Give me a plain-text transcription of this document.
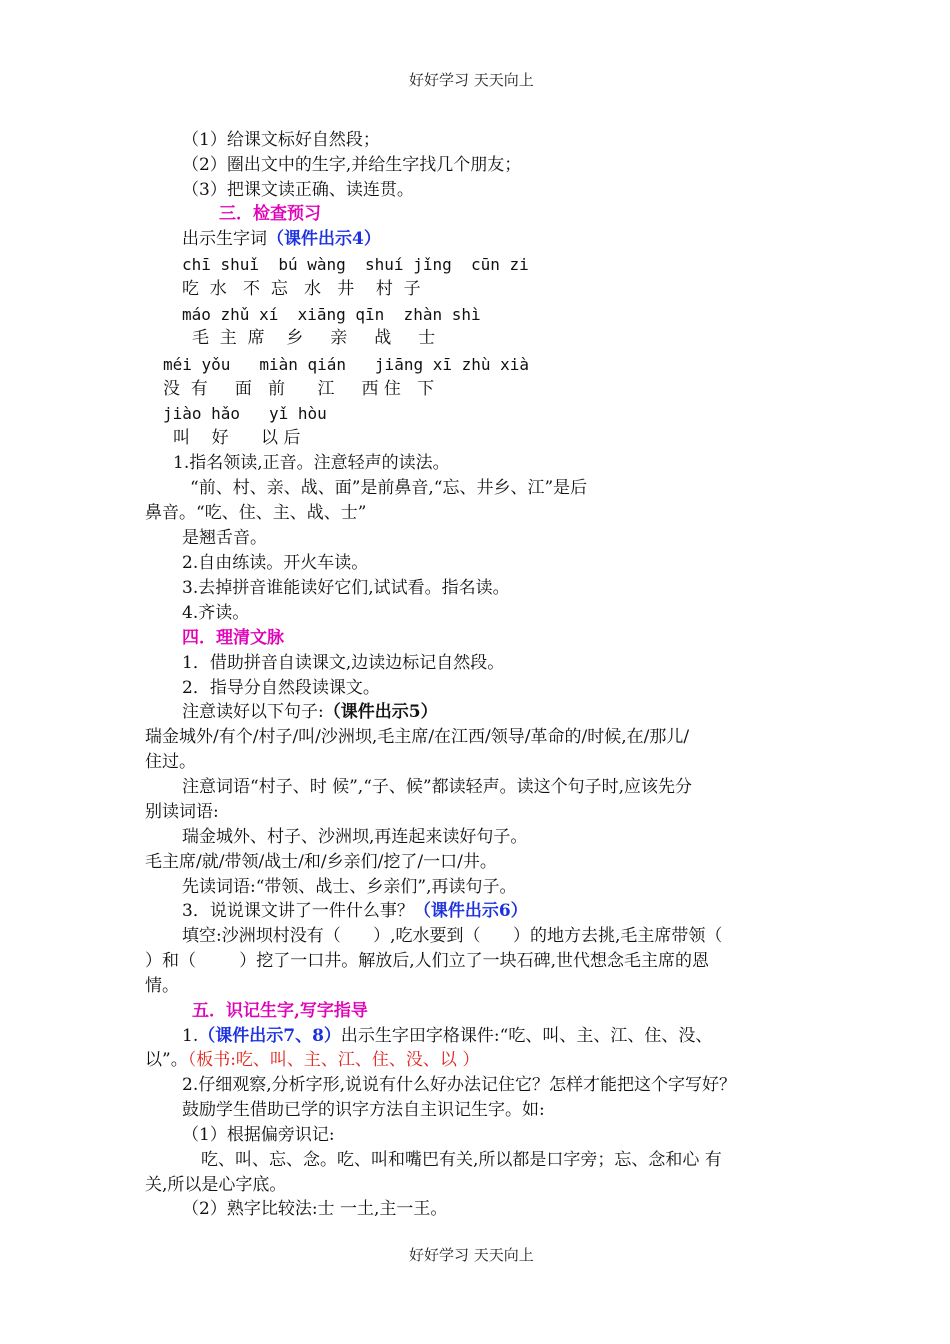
好好学习 天天向上
（1）给课文标好自然段；
（2）圈出文中的生字,并给生字找几个朋友；
（3）把课文读正确、读连贯。
三．检查预习
出示生字词（课件出示4）
chī shuǐ  bú wàng  shuí jǐng  cūn zi
吃  水   不  忘   水   井    村  子
máo zhǔ xí  xiāng qīn  zhàn shì
毛  主  席    乡     亲     战     士
méi yǒu   miàn qián   jiāng xī zhù xià
没  有     面   前      江     西 住   下
jiào hǎo   yǐ hòu
叫    好      以 后
1.指名领读,正音。注意轻声的读法。
“前、村、亲、战、面”是前鼻音,“忘、井乡、江”是后
鼻音。“吃、住、主、战、士”
是翘舌音。
2.自由练读。开火车读。
3.去掉拼音谁能读好它们,试试看。指名读。
4.齐读。
四．理清文脉
1．借助拼音自读课文,边读边标记自然段。
2．指导分自然段读课文。
注意读好以下句子:（课件出示5）
瑞金城外/有个/村子/叫/沙洲坝,毛主席/在江西/领导/革命的/时候,在/那儿/
住过。
注意词语“村子、时 候”,“子、候”都读轻声。读这个句子时,应该先分
别读词语:
瑞金城外、村子、沙洲坝,再连起来读好句子。
毛主席/就/带领/战士/和/乡亲们/挖了/一口/井。
先读词语:“带领、战士、乡亲们”,再读句子。
3．说说课文讲了一件什么事？（课件出示6）
填空:沙洲坝村没有（      ）,吃水要到（      ）的地方去挑,毛主席带领（
）和（        ）挖了一口井。解放后,人们立了一块石碑,世代想念毛主席的恩
情。
五．识记生字,写字指导
1.（课件出示7、8）出示生字田字格课件:“吃、叫、主、江、住、没、
以”。（板书:吃、叫、主、江、住、没、以 ）
2.仔细观察,分析字形,说说有什么好办法记住它？怎样才能把这个字写好？
鼓励学生借助已学的识字方法自主识记生字。如:
（1）根据偏旁识记:
吃、叫、忘、念。吃、叫和嘴巴有关,所以都是口字旁；忘、念和心 有
关,所以是心字底。
（2）熟字比较法:士 一土,主一王。
好好学习 天天向上
